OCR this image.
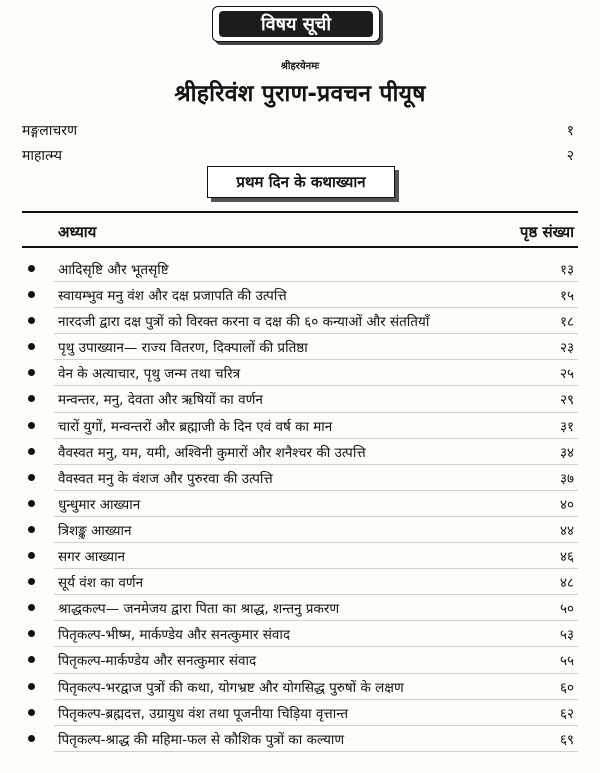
विषय सूची
श्रीहरयेनमः
श्रीहरिवंश पुराण-प्रवचन पीयूष
मङ्गलाचरण	१
माहात्म्य	२
प्रथम दिन के कथाख्यान
अध्याय	पृष्ठ संख्या
आदिसृष्टि और भूतसृष्टि	१३
स्वायम्भुव मनु वंश और दक्ष प्रजापति की उत्पत्ति	१५
नारदजी द्वारा दक्ष पुत्रों को विरक्त करना व दक्ष की ६० कन्याओं और संततियाँ	१८
पृथु उपाख्यान— राज्य वितरण, दिक्पालों की प्रतिष्ठा	२३
वेन के अत्याचार, पृथु जन्म तथा चरित्र	२५
मन्वन्तर, मनु, देवता और ऋषियों का वर्णन	२९
चारों युगों, मन्वन्तरों और ब्रह्माजी के दिन एवं वर्ष का मान	३१
वैवस्वत मनु, यम, यमी, अश्विनी कुमारों और शनैश्चर की उत्पत्ति	३४
वैवस्वत मनु के वंशज और पुरुरवा की उत्पत्ति	३७
धुन्धुमार आख्यान	४०
त्रिशङ्कु आख्यान	४४
सगर आख्यान	४६
सूर्य वंश का वर्णन	४८
श्राद्धकल्प— जनमेजय द्वारा पिता का श्राद्ध, शन्तनु प्रकरण	५०
पितृकल्प-भीष्म, मार्कण्डेय और सनत्कुमार संवाद	५३
पितृकल्प-मार्कण्डेय और सनत्कुमार संवाद	५५
पितृकल्प-भरद्वाज पुत्रों की कथा, योगभ्रष्ट और योगसिद्ध पुरुषों के लक्षण	६०
पितृकल्प-ब्रह्मदत्त, उग्रायुध वंश तथा पूजनीया चिड़िया वृत्तान्त	६२
पितृकल्प-श्राद्ध की महिमा-फल से कौशिक पुत्रों का कल्याण	६९
